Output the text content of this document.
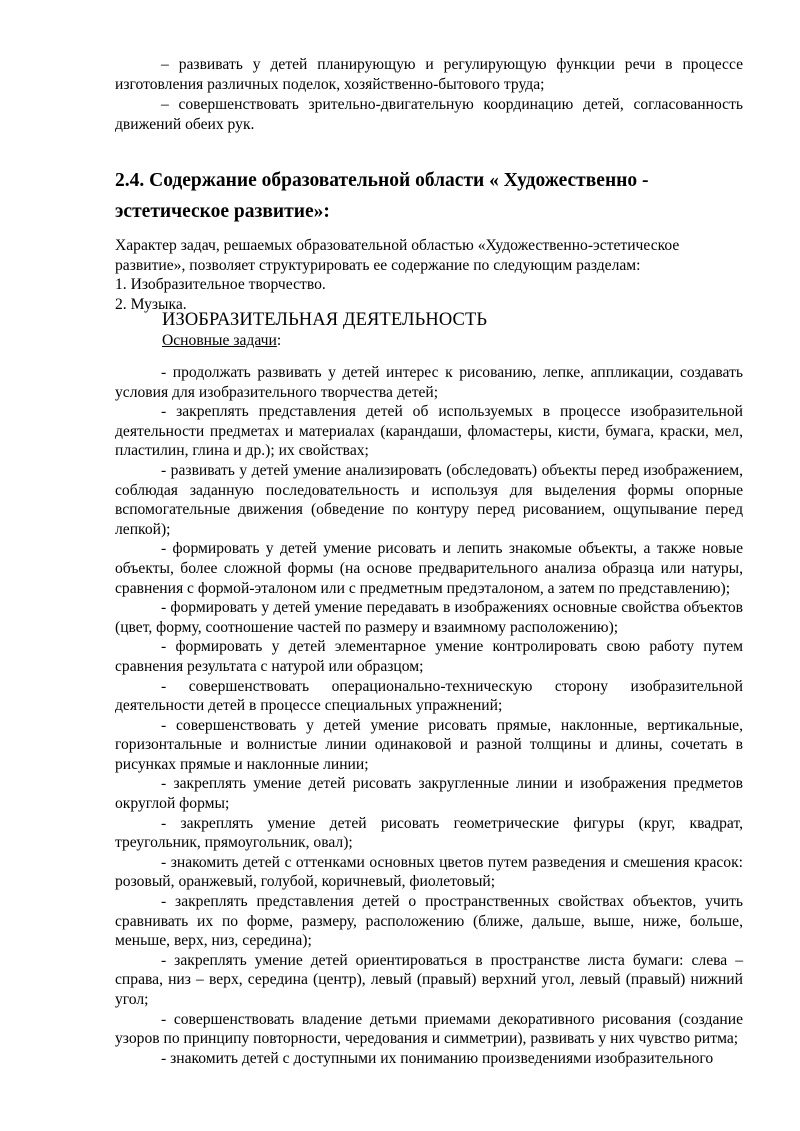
– развивать у детей планирующую и регулирующую функции речи в процессе изготовления различных поделок, хозяйственно-бытового труда;

– совершенствовать зрительно-двигательную координацию детей, согласованность движений обеих рук.

2.4. Содержание образовательной области « Художественно - эстетическое развитие»:

Характер задач, решаемых образовательной областью «Художественно-эстетическое развитие», позволяет структурировать ее содержание по следующим разделам:

1. Изобразительное творчество.

2. Музыка.

ИЗОБРАЗИТЕЛЬНАЯ ДЕЯТЕЛЬНОСТЬ
Основные задачи:

- продолжать развивать у детей интерес к рисованию, лепке, аппликации, создавать условия для изобразительного творчества детей;

- закреплять представления детей об используемых в процессе изобразительной деятельности предметах и материалах (карандаши, фломастеры, кисти, бумага, краски, мел, пластилин, глина и др.); их свойствах;

- развивать у детей умение анализировать (обследовать) объекты перед изображением, соблюдая заданную последовательность и используя для выделения формы опорные вспомогательные движения (обведение по контуру перед рисованием, ощупывание перед лепкой);

- формировать у детей умение рисовать и лепить знакомые объекты, а также новые объекты, более сложной формы (на основе предварительного анализа образца или натуры, сравнения с формой-эталоном или с предметным предэталоном, а затем по представлению);

- формировать у детей умение передавать в изображениях основные свойства объектов (цвет, форму, соотношение частей по размеру и взаимному расположению);

- формировать у детей элементарное умение контролировать свою работу путем сравнения результата с натурой или образцом;

- совершенствовать операционально-техническую сторону изобразительной деятельности детей в процессе специальных упражнений;

- совершенствовать у детей умение рисовать прямые, наклонные, вертикальные, горизонтальные и волнистые линии одинаковой и разной толщины и длины, сочетать в рисунках прямые и наклонные линии;

- закреплять умение детей рисовать закругленные линии и изображения предметов округлой формы;

- закреплять умение детей рисовать геометрические фигуры (круг, квадрат, треугольник, прямоугольник, овал);

- знакомить детей с оттенками основных цветов путем разведения и смешения красок: розовый, оранжевый, голубой, коричневый, фиолетовый;

- закреплять представления детей о пространственных свойствах объектов, учить сравнивать их по форме, размеру, расположению (ближе, дальше, выше, ниже, больше, меньше, верх, низ, середина);

- закреплять умение детей ориентироваться в пространстве листа бумаги: слева – справа, низ – верх, середина (центр), левый (правый) верхний угол, левый (правый) нижний угол;

- совершенствовать владение детьми приемами декоративного рисования (создание узоров по принципу повторности, чередования и симметрии), развивать у них чувство ритма;

- знакомить детей с доступными их пониманию произведениями изобразительного
